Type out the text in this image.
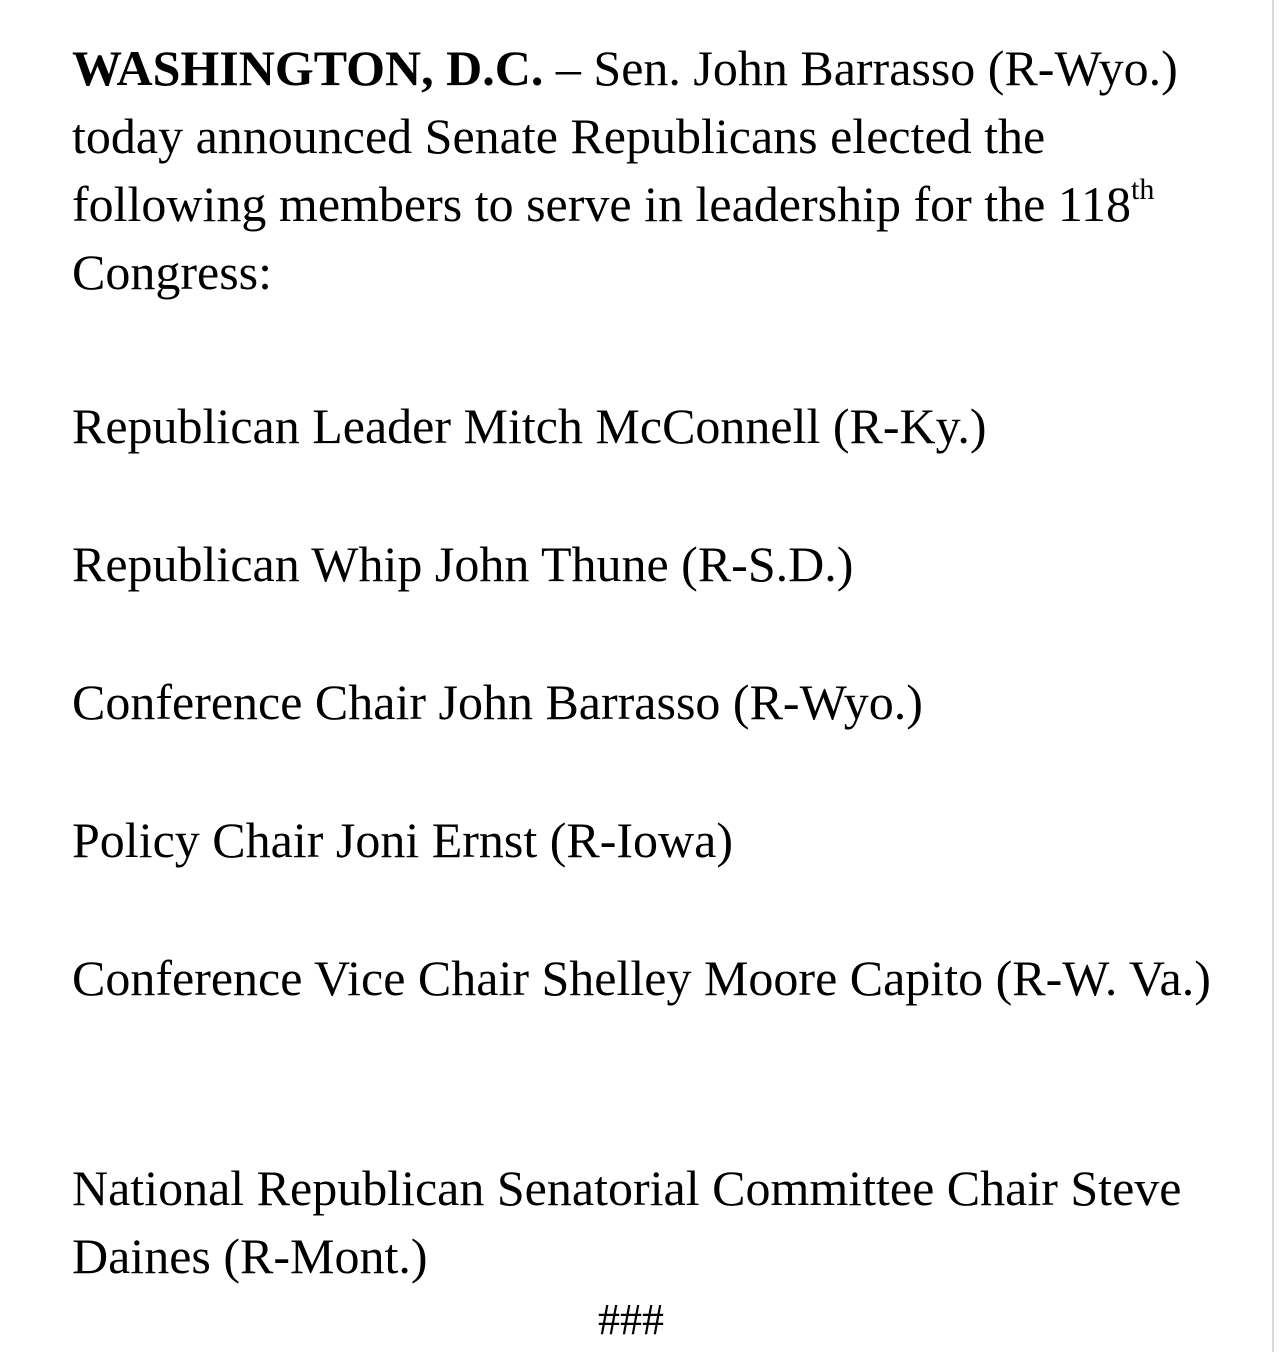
WASHINGTON, D.C. – Sen. John Barrasso (R-Wyo.) today announced Senate Republicans elected the following members to serve in leadership for the 118th Congress:

Republican Leader Mitch McConnell (R-Ky.)

Republican Whip John Thune (R-S.D.)

Conference Chair John Barrasso (R-Wyo.)

Policy Chair Joni Ernst (R-Iowa)

Conference Vice Chair Shelley Moore Capito (R-W. Va.)

National Republican Senatorial Committee Chair Steve Daines (R-Mont.)

###
